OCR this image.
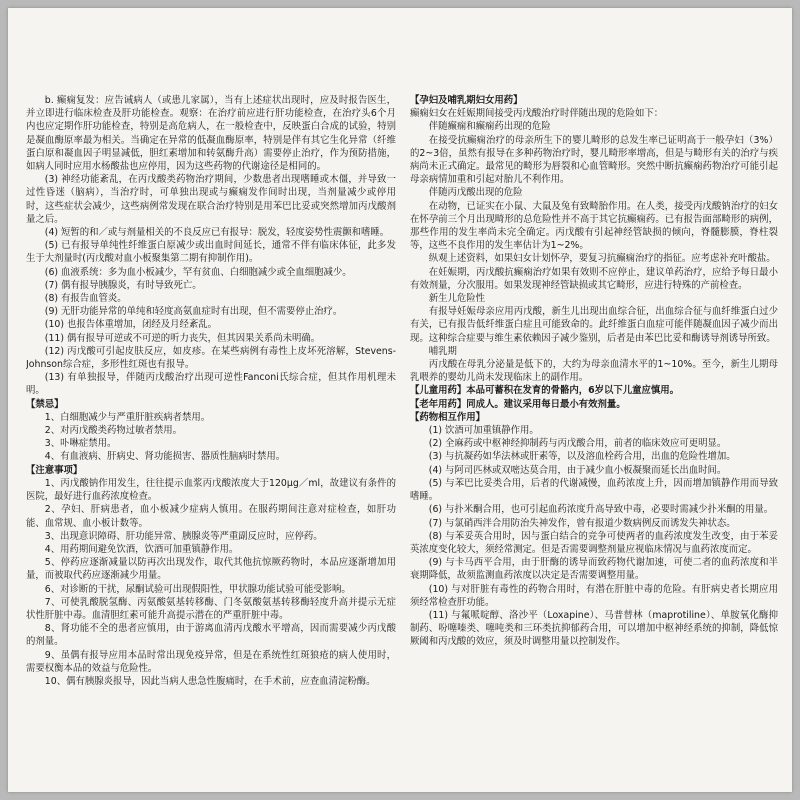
b. 癫痫复发：应告诫病人（或患儿家属），当有上述症状出现时，应及时报告医生，并立即进行临床检查及肝功能检查。观察：在治疗前应进行肝功能检查，在治疗头6个月内也应定期作肝功能检查，特别是高危病人，在一般检查中，反映蛋白合成的试验，特别是凝血酶原率最为相关。当确定在异常的低凝血酶原率，特别是伴有其它生化异常（纤维蛋白原和凝血因子明显减低，胆红素增加和转氨酶升高）需要停止治疗，作为预防措施，如病人同时应用水杨酸盐也应停用，因为这些药物的代谢途径是相同的。

(3) 神经功能紊乱，在丙戊酸类药物治疗期间，少数患者出现嗜睡或木僵，并导致一过性昏迷（脑病），当治疗时，可单独出现或与癫痫发作间时出现，当剂量减少或停用时，这些症状会减少，这些病例常发现在联合治疗特别是用苯巴比妥或突然增加丙戊酸剂量之后。

(4) 短暂的和／或与剂量相关的不良反应已有报导：脱发，轻度姿势性震颤和嗜睡。

(5) 已有报导单纯性纤维蛋白原减少或出血时间延长，通常不伴有临床体征，此多发生于大剂量时(丙戊酸对血小板聚集第二期有抑制作用)。

(6) 血液系统：多为血小板减少，罕有贫血、白细胞减少或全血细胞减少。

(7) 偶有报导胰腺炎，有时导致死亡。

(8) 有报告血管炎。

(9) 无肝功能异常的单纯和轻度高氨血症时有出现，但不需要停止治疗。

(10) 也报告体重增加，闭经及月经紊乱。

(11) 偶有报导可逆或不可逆的听力丧失，但其因果关系尚未明确。

(12) 丙戊酸可引起皮肤反应，如皮疹。在某些病例有毒性上皮坏死溶解，Stevens-Johnson综合症，多形性红斑也有报导。

(13) 有单独报导，伴随丙戊酸治疗出现可逆性Fanconi氏综合症，但其作用机理未明。

【禁忌】

1、白细胞减少与严重肝脏疾病者禁用。

2、对丙戊酸类药物过敏者禁用。

3、卟啉症禁用。

4、有血液病、肝病史、肾功能损害、器质性脑病时禁用。

【注意事项】

1、丙戊酸钠作用发生，往往提示血浆丙戊酸浓度大于120μg／ml，故建议有条件的医院，最好进行血药浓度检查。

2、孕妇、肝病患者，血小板减少症病人慎用。在服药期间注意对症检查，如肝功能、血常规、血小板计数等。

3、出现意识障碍、肝功能异常、胰腺炎等严重副反应时，应停药。

4、用药期间避免饮酒，饮酒可加重镇静作用。

5、停药应逐渐减量以防再次出现发作，取代其他抗惊厥药物时，本品应逐渐增加用量，而被取代药应逐渐减少用量。

6、对诊断的干扰，尿酮试验可出现假阳性，甲状腺功能试验可能受影响。

7、可使乳酸脱氢酶、丙氨酸氨基转移酶、门冬氨酸氨基转移酶轻度升高并提示无症状性肝脏中毒。血清胆红素可能升高提示潜在的严重肝脏中毒。

8、肾功能不全的患者应慎用，由于游离血清丙戊酸水平增高，因而需要减少丙戊酸的剂量。

9、虽偶有报导应用本品时常出现免疫异常，但是在系统性红斑狼疮的病人使用时，需要权衡本品的效益与危险性。

10、偶有胰腺炎报导，因此当病人患急性腹痛时，在手术前，应查血清淀粉酶。

【孕妇及哺乳期妇女用药】

癫痫妇女在妊娠期间接受丙戊酸治疗时伴随出现的危险如下：

伴随癫痫和癫痫药出现的危险

在接受抗癫痫治疗的母亲所生下的婴儿畸形的总发生率已证明高于一般孕妇（3%）的2~3倍，虽然有报导在多种药物治疗时，婴儿畸形率增高，但是与畸形有关的治疗与疾病尚未正式确定。最常见的畸形为唇裂和心血管畸形。突然中断抗癫痫药物治疗可能引起母亲病情加重和引起对胎儿不利作用。

伴随丙戊酸出现的危险

在动物，已证实在小鼠、大鼠及兔有致畸胎作用。在人类，接受丙戊酸钠治疗的妇女在怀孕前三个月出现畸形的总危险性并不高于其它抗癫痫药。已有报告面部畸形的病例，那些作用的发生率尚未完全确定。丙戊酸有引起神经管缺损的倾向，脊髓膨膜，脊柱裂等，这些不良作用的发生率估计为1~2%。

纵观上述资料，如果妇女计划怀孕，要复习抗癫痫治疗的指征。应考虑补充叶酸盐。

在妊娠期，丙戊酸抗癫痫治疗如果有效则不应停止，建议单药治疗，应给予每日最小有效剂量，分次服用。如果发现神经管缺损或其它畸形，应进行特殊的产前检查。

新生儿危险性

有报导妊娠母亲应用丙戊酸，新生儿出现出血综合征，出血综合征与血纤维蛋白过少有关，已有报告低纤维蛋白症且可能致命的。此纤维蛋白血症可能伴随凝血因子减少而出现。这种综合症要与维生素依赖因子减少鉴别，后者是由苯巴比妥和酶诱导剂诱导所致。

哺乳期

丙戊酸在母乳分泌量是低下的，大约为母亲血清水平的1~10%。至今，新生儿期母乳喂养的婴幼儿尚未发现临床上的副作用。

【儿童用药】本品可蓄积在发育的骨骼内，6岁以下儿童应慎用。

【老年用药】同成人。建议采用每日最小有效剂量。

【药物相互作用】

(1) 饮酒可加重镇静作用。

(2) 全麻药或中枢神经抑制药与丙戊酸合用，前者的临床效应可更明显。

(3) 与抗凝药如华法林或肝素等，以及溶血栓药合用，出血的危险性增加。

(4) 与阿司匹林或双嘧达莫合用，由于减少血小板凝聚而延长出血时间。

(5) 与苯巴比妥类合用，后者的代谢减慢，血药浓度上升，因而增加镇静作用而导致嗜睡。

(6) 与扑米酮合用，也可引起血药浓度升高导致中毒，必要时需减少扑米酮的用量。

(7) 与氯硝西泮合用防治失神发作，曾有报道少数病例反而诱发失神状态。

(8) 与苯妥英合用时，因与蛋白结合的竞争可使两者的血药浓度发生改变，由于苯妥英浓度变化较大，须经常测定。但是否需要调整剂量应视临床情况与血药浓度而定。

(9) 与卡马西平合用，由于肝酶的诱导而致药物代谢加速，可使二者的血药浓度和半衰期降低，故须监测血药浓度以决定是否需要调整用量。

(10) 与对肝脏有毒性的药物合用时，有潜在肝脏中毒的危险。有肝病史者长期应用须经常检查肝功能。

(11) 与氟哌啶醇、洛沙平（Loxapine）、马普替林（maprotiline）、单胺氧化酶抑制药、吩噻嗪类、噻吨类和三环类抗抑郁药合用，可以增加中枢神经系统的抑制，降低惊厥阈和丙戊酸的效应，须及时调整用量以控制发作。
